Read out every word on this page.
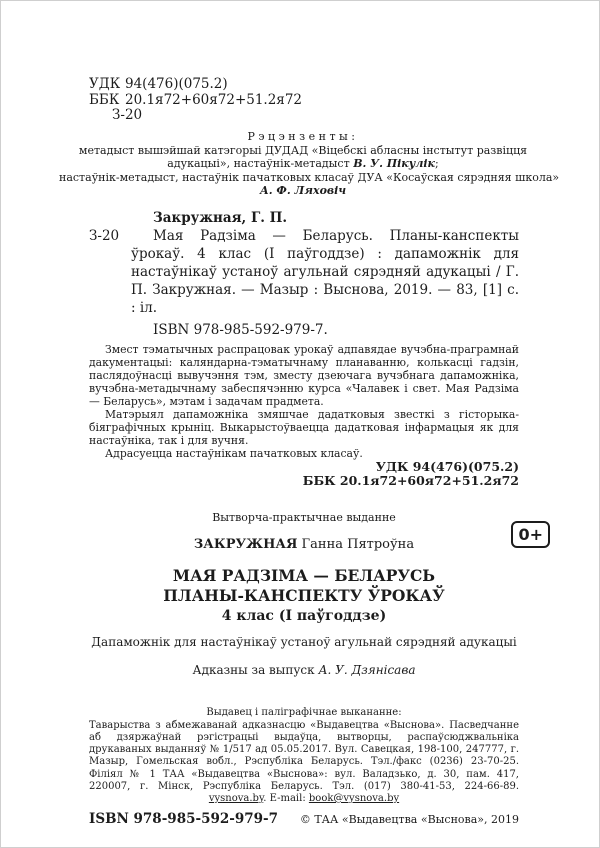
УДК 94(476)(075.2)
ББК 20.1я72+60я72+51.2я72
З-20
Рэцэнзенты:
метадыст вышэйшай катэгорыі ДУДАД «Віцебскі абласны інстытут развіцця
адукацыі», настаўнік-метадыст В. У. Пікулік;
настаўнік-метадыст, настаўнік пачатковых класаў ДУА «Косаўская сярэдняя школа»
А. Ф. Ляховіч
З-20
Закружная, Г. П.
Мая Радзіма — Беларусь. Планы-канспекты ўрокаў. 4 клас (І паўгоддзе) : дапаможнік для настаўнікаў устаноў агульнай сярэдняй адукацыі / Г. П. Закружная. — Мазыр : Выснова, 2019. — 83, [1] с. : іл.
ISBN 978-985-592-979-7.

Змест тэматычных распрацовак урокаў адпавядае вучэбна-праграмнай дакументацыі: каляндарна-тэматычнаму планаванню, колькасці гадзін, паслядоўнасці вывучэння тэм, зместу дзеючага вучэбнага дапаможніка, вучэбна-метадычнаму забеспячэнню курса «Чалавек і свет. Мая Радзіма — Беларусь», мэтам і задачам прадмета.

Матэрыял дапаможніка змяшчае дадатковыя звесткі з гісторыка-біяграфічных крыніц. Выкарыстоўваецца дадатковая інфармацыя як для настаўніка, так і для вучня.

Адрасуецца настаўнікам пачатковых класаў.

УДК 94(476)(075.2)
ББК 20.1я72+60я72+51.2я72
Вытворча-практычнае выданне
ЗАКРУЖНАЯ Ганна Пятроўна
МАЯ РАДЗІМА — БЕЛАРУСЬ
ПЛАНЫ-КАНСПЕКТУ ЎРОКАЎ
4 клас (І паўгоддзе)
Дапаможнік для настаўнікаў устаноў агульнай сярэдняй адукацыі
Адказны за выпуск А. У. Дзянісава
Выдавец і паліграфічнае выкананне:
Таварыства з абмежаванай адказнасцю «Выдавецтва «Выснова». Пасведчанне аб дзяржаўнай рэгістрацыі выдаўца, вытворцы, распаўсюджвальніка друкаваных выданняў № 1/517 ад 05.05.2017. Вул. Савецкая, 198-100, 247777, г. Мазыр, Гомельская вобл., Рэспубліка Беларусь. Тэл./факс (0236) 23-70-25. Філіял № 1 ТАА «Выдавецтва «Выснова»: вул. Валадзько, д. 30, пам. 417, 220007, г. Мінск, Рэспубліка Беларусь. Тэл. (017) 380-41-53, 224-66-89. vysnova.by. E-mail: book@vysnova.by
ISBN 978-985-592-979-7 © ТАА «Выдавецтва «Выснова», 2019
0+
